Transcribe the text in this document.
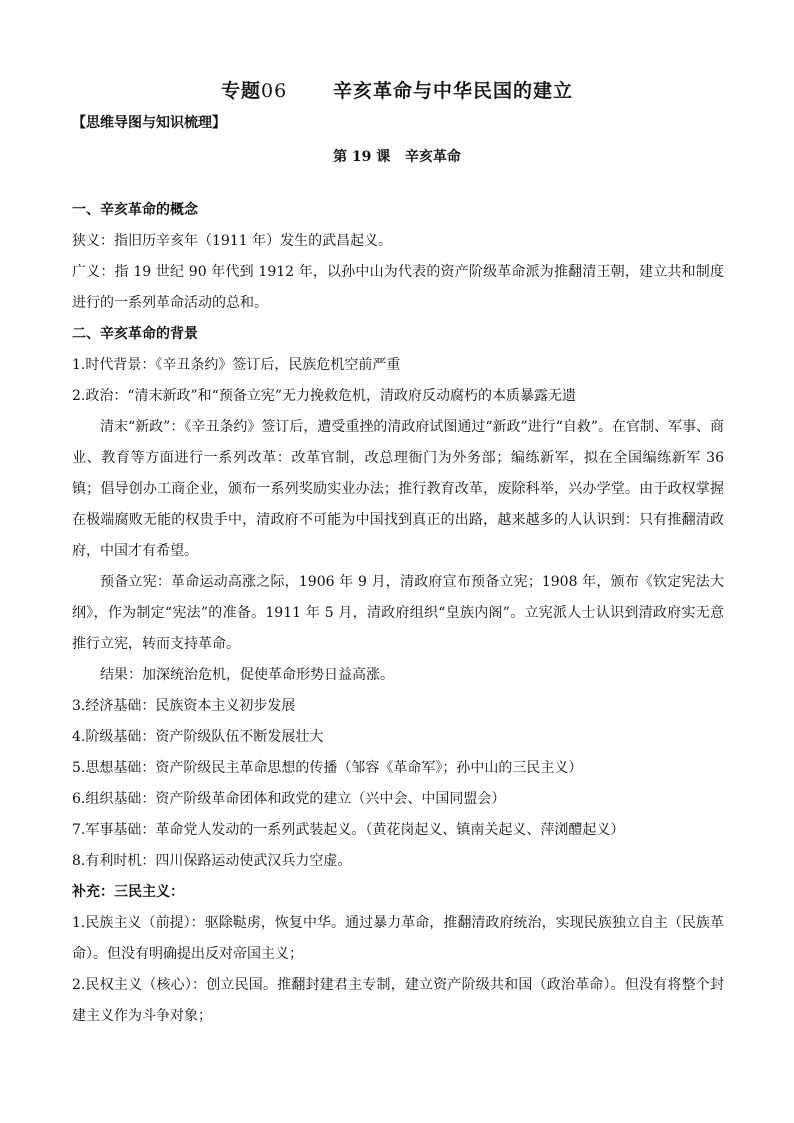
专题06 辛亥革命与中华民国的建立
【思维导图与知识梳理】
第 19 课   辛亥革命

一、辛亥革命的概念

狭义：指旧历辛亥年（1911 年）发生的武昌起义。

广义：指 19 世纪 90 年代到 1912 年，以孙中山为代表的资产阶级革命派为推翻清王朝，建立共和制度进行的一系列革命活动的总和。

二、辛亥革命的背景

1.时代背景：《辛丑条约》签订后，民族危机空前严重

2.政治：“清末新政”和“预备立宪”无力挽救危机，清政府反动腐朽的本质暴露无遗

清末“新政”：《辛丑条约》签订后，遭受重挫的清政府试图通过“新政”进行“自救”。在官制、军事、商业、教育等方面进行一系列改革：改革官制，改总理衙门为外务部；编练新军，拟在全国编练新军 36 镇；倡导创办工商企业，颁布一系列奖励实业办法；推行教育改革，废除科举，兴办学堂。由于政权掌握在极端腐败无能的权贵手中，清政府不可能为中国找到真正的出路，越来越多的人认识到：只有推翻清政府，中国才有希望。

预备立宪：革命运动高涨之际，1906 年 9 月，清政府宣布预备立宪；1908 年，颁布《钦定宪法大纲》，作为制定“宪法”的准备。1911 年 5 月，清政府组织“皇族内阁”。立宪派人士认识到清政府实无意推行立宪，转而支持革命。

结果：加深统治危机，促使革命形势日益高涨。

3.经济基础：民族资本主义初步发展

4.阶级基础：资产阶级队伍不断发展壮大

5.思想基础：资产阶级民主革命思想的传播（邹容《革命军》；孙中山的三民主义）

6.组织基础：资产阶级革命团体和政党的建立（兴中会、中国同盟会）

7.军事基础：革命党人发动的一系列武装起义。（黄花岗起义、镇南关起义、萍浏醴起义）

8.有利时机：四川保路运动使武汉兵力空虚。

补充：三民主义：

1.民族主义（前提）：驱除鞑虏，恢复中华。通过暴力革命，推翻清政府统治，实现民族独立自主（民族革命）。但没有明确提出反对帝国主义；

2.民权主义（核心）：创立民国。推翻封建君主专制，建立资产阶级共和国（政治革命）。但没有将整个封建主义作为斗争对象；
